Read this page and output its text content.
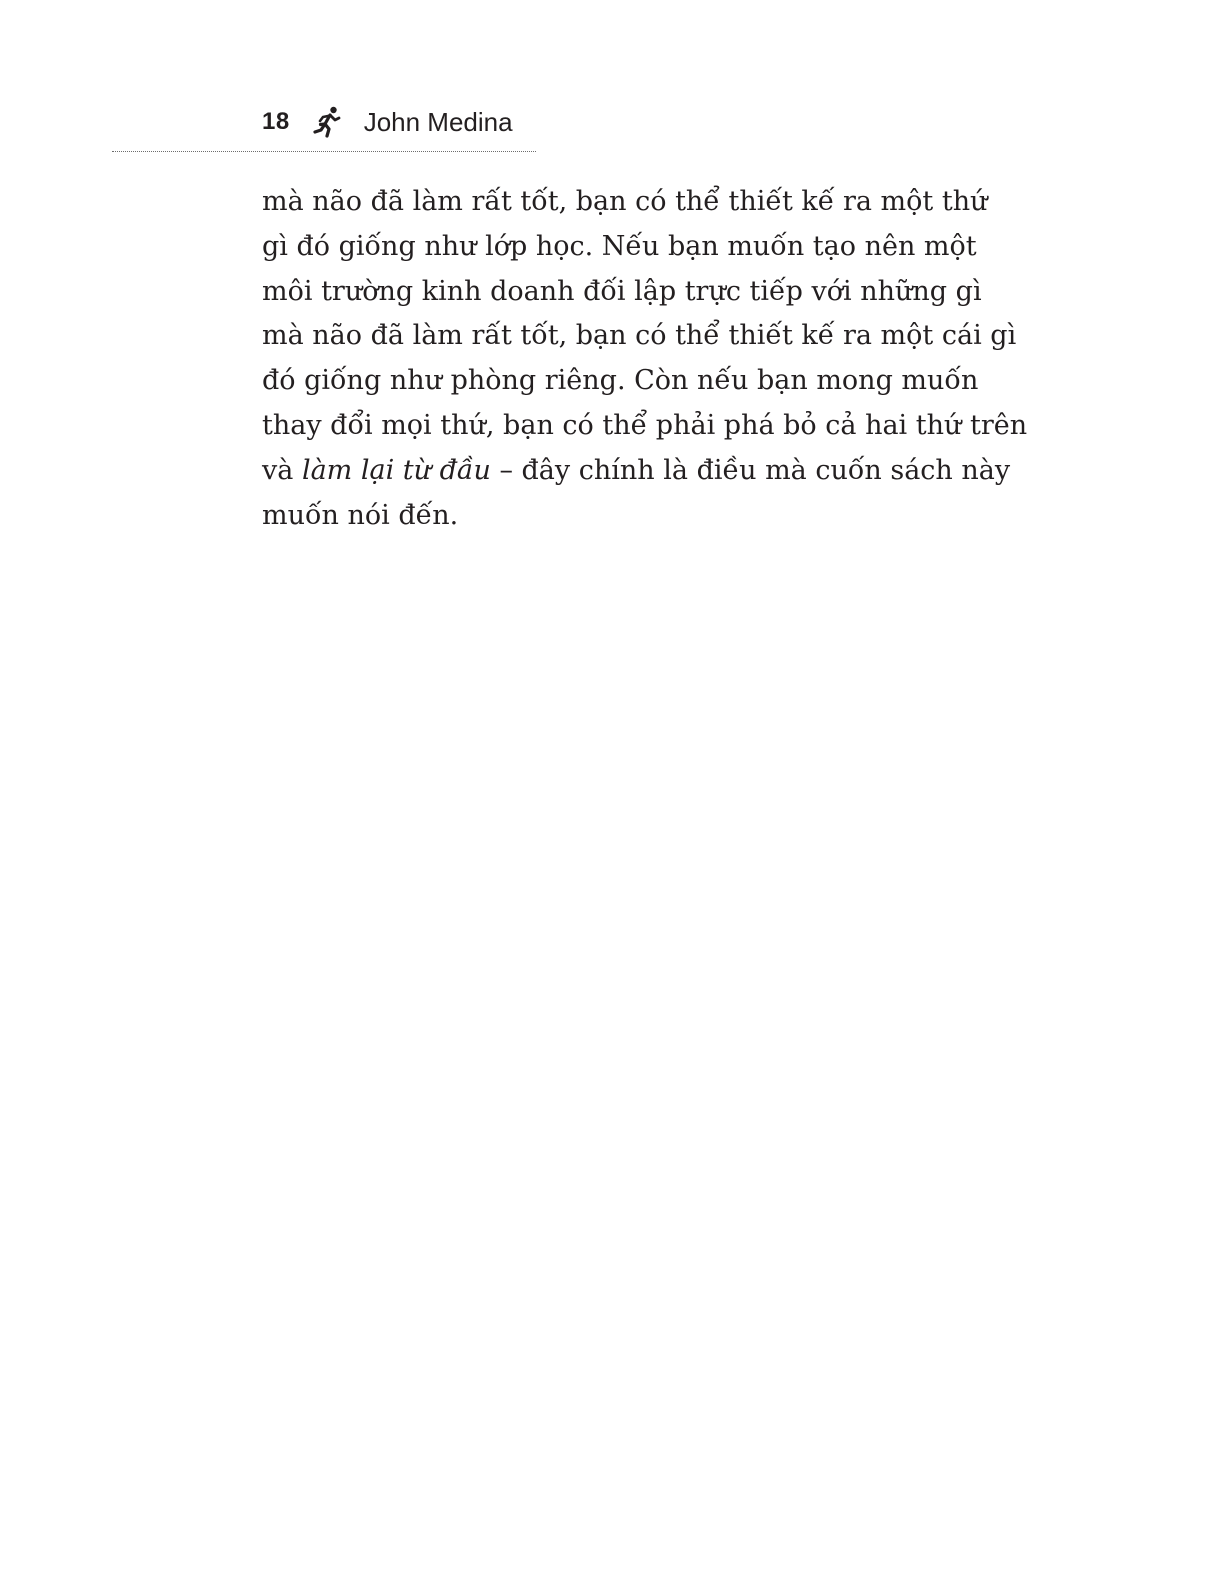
18	John Medina
mà não đã làm rất tốt, bạn có thể thiết kế ra một thứ
gì đó giống như lớp học. Nếu bạn muốn tạo nên một
môi trường kinh doanh đối lập trực tiếp với những gì
mà não đã làm rất tốt, bạn có thể thiết kế ra một cái gì
đó giống như phòng riêng. Còn nếu bạn mong muốn
thay đổi mọi thứ, bạn có thể phải phá bỏ cả hai thứ trên
và làm lại từ đầu – đây chính là điều mà cuốn sách này
muốn nói đến.
